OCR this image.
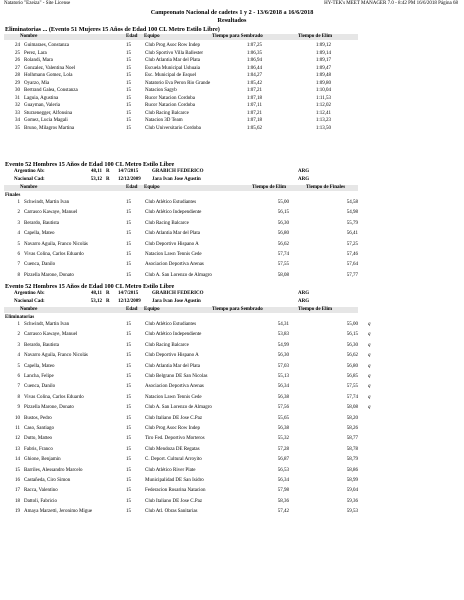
Natatorio "Ezeiza" - Site License	HY-TEK's MEET MANAGER 7.0 - 8:42 PM 16/6/2018 Página 68
Campeonato Nacional de cadetes 1 y 2 - 13/6/2018 a 16/6/2018
Resultados
Eliminatorias ... (Evento 51 Mujeres 15 Años de Edad 100 CL Metro Estilo Libre)
Nombre	Edad Equipo	Tiempo para Sembrado	Tiempo de Elim
24 Guimaraes, Constanza	15	Club Prog Asoc Row Indep	1:07,25	1:09,12
25 Perez, Lara	15	Club Sportivo Villa Ballester	1:06,35	1:09,14
26 Rolandi, Mara	15	Club Atlantia Mar del Plata	1:06,94	1:09,17
27 Gonzalez, Valentina Noel	15	Escuela Municipal Ushuaia	1:06,44	1:09,47
28 Holhmann Gomez, Lola	15	Esc. Municipal de Esquel	1:04,27	1:09,48
29 Oyarzo, Mia	15	Natatorio Eva Peron Rio Grande	1:05,42	1:09,80
30 Bertrand Galea, Constanza	15	Natacion Sagyb	1:07,21	1:10,04
31 Laguia, Agustina	15	Rucor Natacion Cordoba	1:07,18	1:11,53
32 Guayman, Valeria	15	Rucor Natacion Cordoba	1:07,11	1:12,02
33 Sturzenegger, Alfonsina	15	Club Racing Balcarce	1:07,21	1:12,41
34 Gomez, Lucia Magali	15	Natacion 3D Team	1:07,18	1:13,23
35 Bruno, Milagros Martina	15	Club Universitario Cordoba	1:05,62	1:13,50
Evento 52 Hombres 15 Años de Edad 100 CL Metro Estilo Libre
Argentino Ab:	48,11 R 14/7/2015	GRABICH FEDERICO	ARG
Nacional Cad:	53,12 R 12/12/2009 Jara Ivan Jose Agustin	ARG
Nombre	Edad Equipo	Tiempo de Elim	Tiempo de Finales
Finales
1 Schwindt, Martin Ivan	15	Club Atlético Estudiantes	55,00	54,58
2 Carrasco Kawaye, Manuel	15	Club Atlético Independiente	56,15	54,98
3 Berardo, Bautista	15	Club Racing Balcarce	56,30	55,79
4 Capella, Mateo	15	Club Atlantia Mar del Plata	56,80	56,41
5 Navarro Aguila, Franco Nicolás	15	Club Deportivo Hispano A	56,62	57,25
6 Vivas Colina, Carlos Eduardo	15	Natacion Lawn Tennis Cede	57,74	57,46
7 Cuenca, Danilo	15	Asociacion Deportiva Arenas	57,55	57,64
8 Pizzella Marone, Donato	15	Club A. San Lorenzo de Almagro	58,08	57,77
Evento 52 Hombres 15 Años de Edad 100 CL Metro Estilo Libre
Argentino Ab:	48,11 R 14/7/2015	GRABICH FEDERICO	ARG
Nacional Cad:	53,12 R 12/12/2009 Jara Ivan Jose Agustin	ARG
Nombre	Edad Equipo	Tiempo para Sembrado	Tiempo de Elim
Eliminatorias
1 Schwindt, Martin Ivan	15	Club Atlético Estudiantes	54,31	55,00 q
2 Carrasco Kawaye, Manuel	15	Club Atlético Independiente	53,83	56,15 q
3 Berardo, Bautista	15	Club Racing Balcarce	54,99	56,30 q
4 Navarro Aguila, Franco Nicolás	15	Club Deportivo Hispano A	56,30	56,62 q
5 Capella, Mateo	15	Club Atlantia Mar del Plata	57,03	56,80 q
6 Lancha, Felipe	15	Club Belgrano DE San Nicolas	55,13	56,85 q
7 Cuenca, Danilo	15	Asociacion Deportiva Arenas	56,34	57,55 q
8 Vivas Colina, Carlos Eduardo	15	Natacion Lawn Tennis Cede	56,38	57,74 q
9 Pizzella Marone, Donato	15	Club A. San Lorenzo de Almagro	57,56	58,08 q
10 Bustos, Pedro	15	Club Italiano DE Jose C.Paz	55,65	58,20
11 Caso, Santiago	15	Club Prog Asoc Row Indep	56,38	58,26
12 Dutto, Matteo	15	Tiro Fed. Deportivo Morteros	55,32	58,77
13 Fabris, Franco	15	Club Mendoza DE Regatas	57,28	58,78
14 Ghione, Benjamin	15	C. Deport. Cultural Arroyito	56,87	58,79
15 Barriles, Alessandro Marcelo	15	Club Atlético River Plate	56,53	58,86
16 Castañeda, Ciro Simon	15	Municipalidad DE San Isidro	56,34	58,99
17 Racca, Valentino	15	Federacion Rosarina Natacion	57,98	59,04
18 Dattoli, Fabricio	15	Club Italiano DE Jose C.Paz	58,36	59,36
19 Amaya Marzetti, Jeronimo Migue	15	Club Atl. Obras Sanitarias	57,42	59,53
